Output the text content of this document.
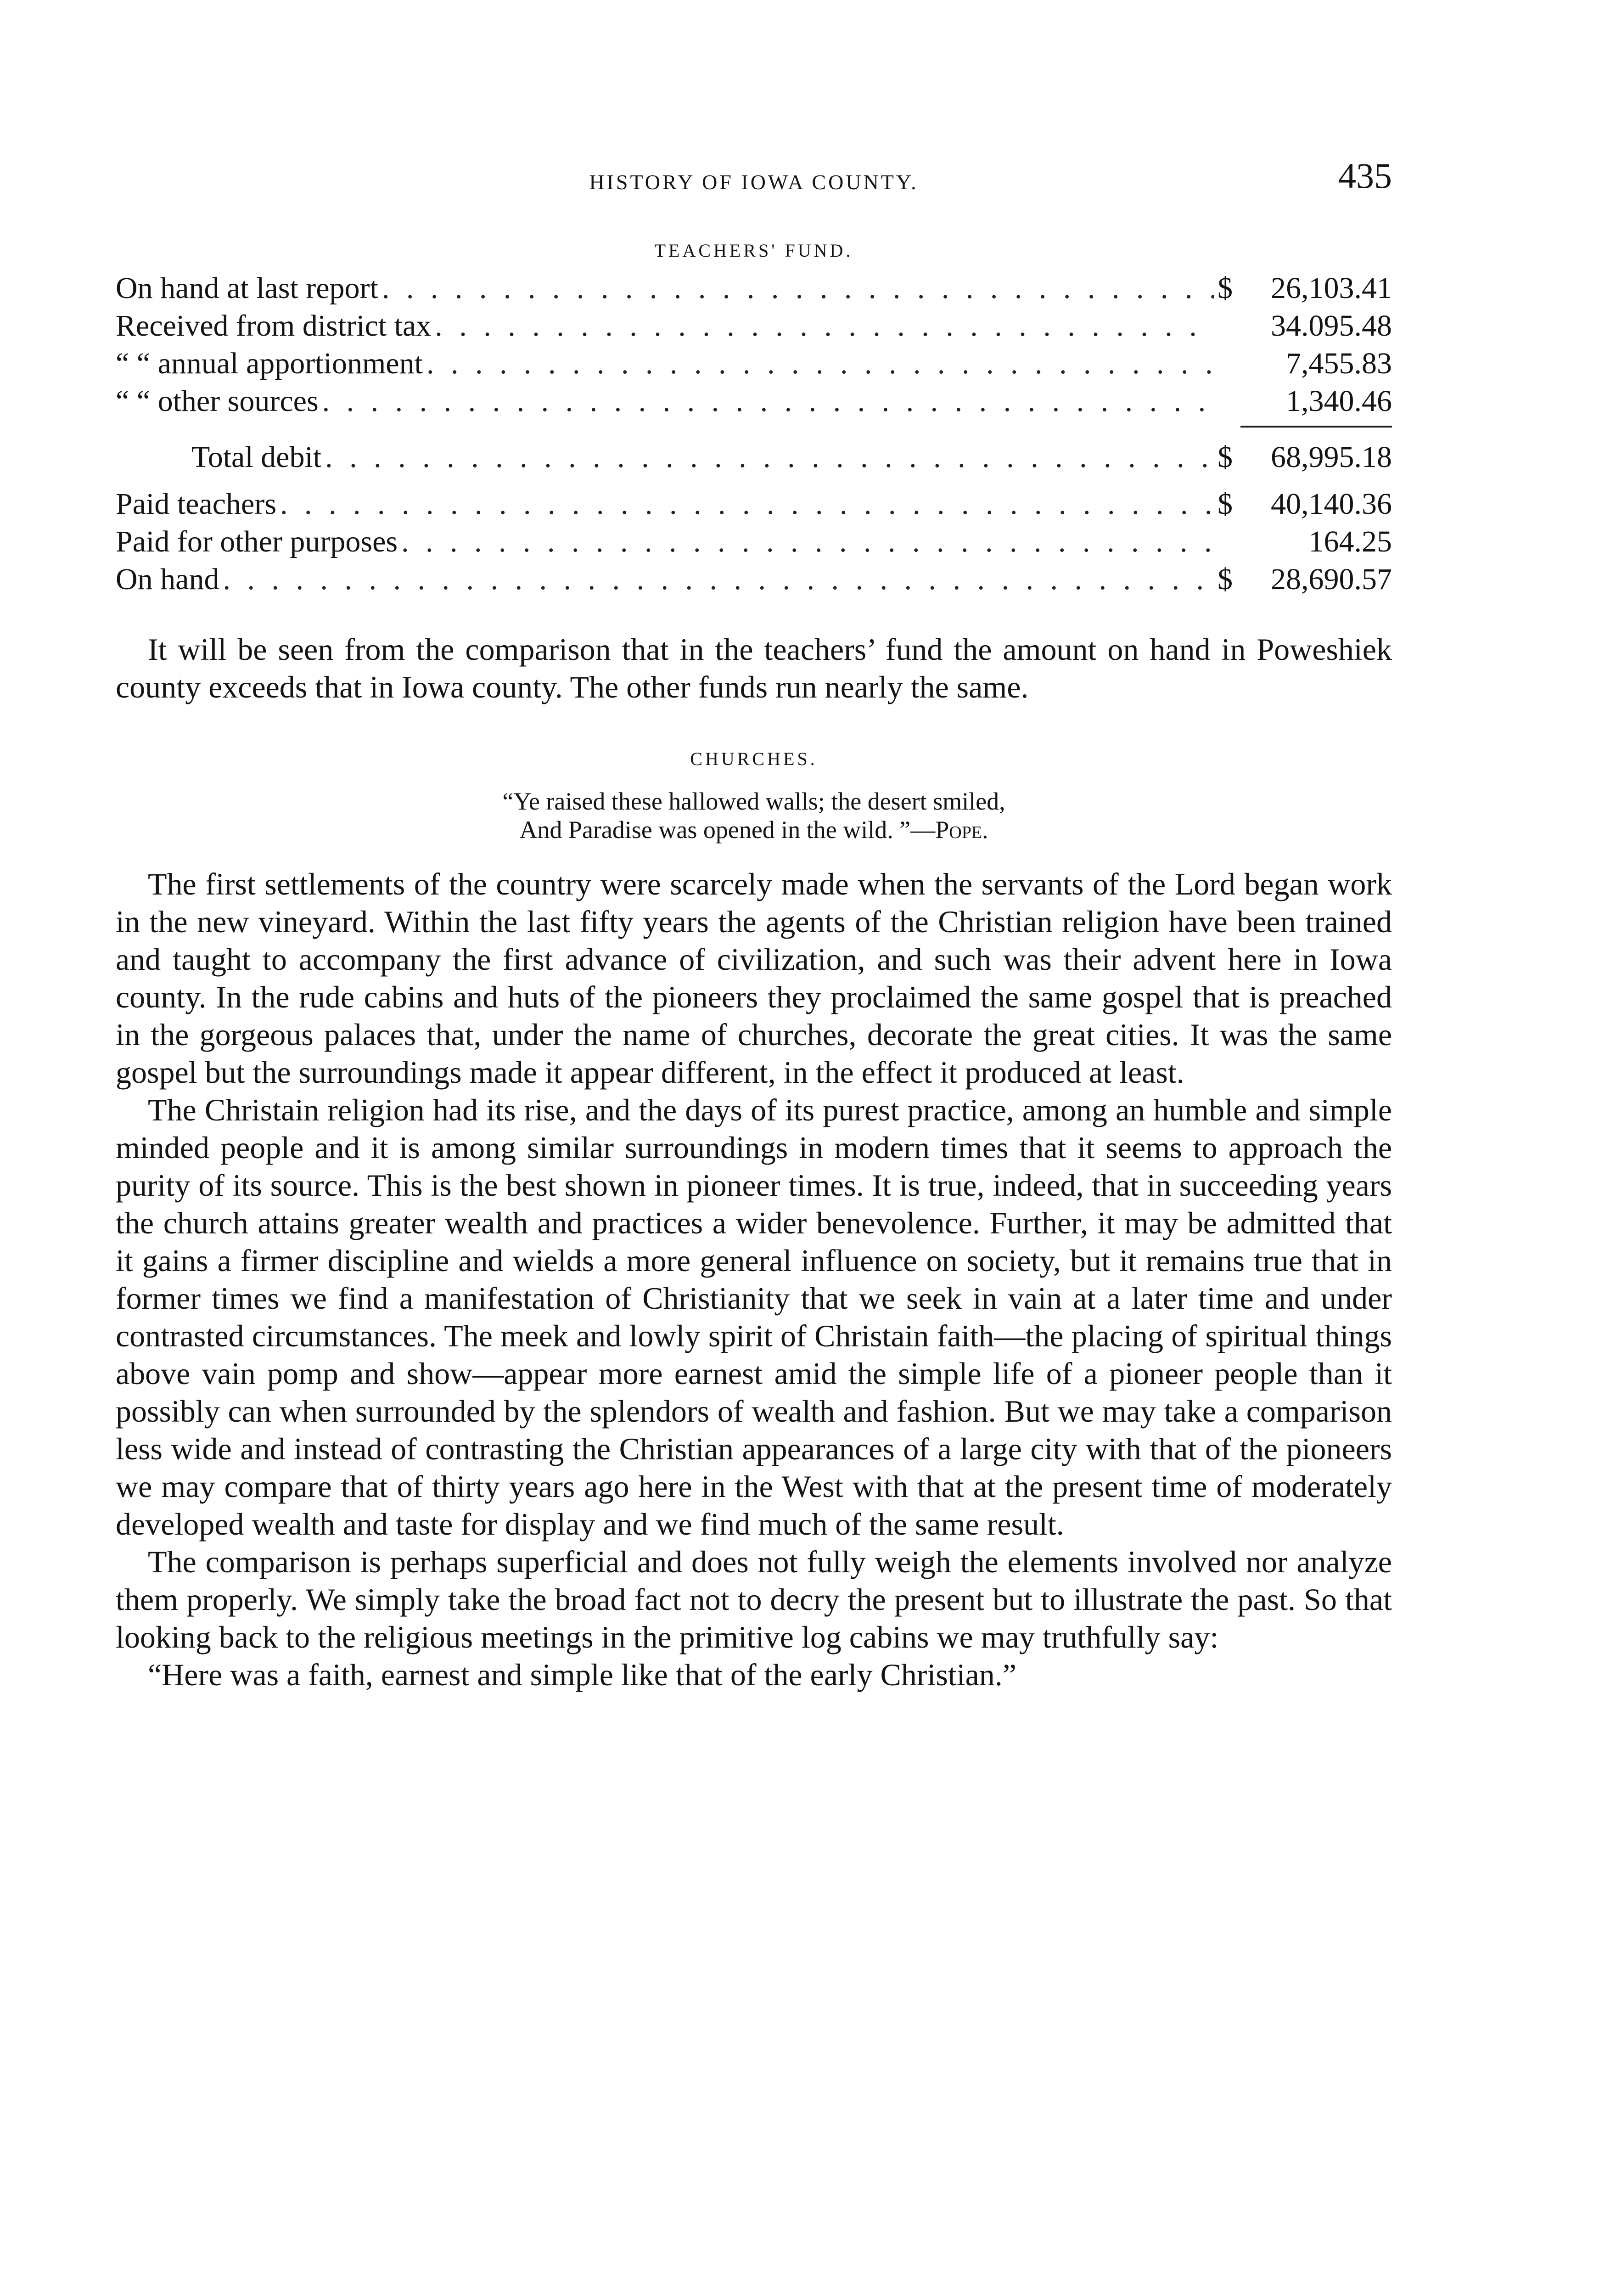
HISTORY OF IOWA COUNTY.	435
TEACHERS' FUND.
On hand at last report . . .	$	26,103.41
Received from district tax . . .	34.095.48
“ “ annual apportionment . . .	7,455.83
“ “ other sources . . .	1,340.46
Total debit . . .	$	68,995.18
Paid teachers . . .	$	40,140.36
Paid for other purposes . . .	164.25
On hand . . .	$	28,690.57

It will be seen from the comparison that in the teachers’ fund the amount on hand in Poweshiek county exceeds that in Iowa county. The other funds run nearly the same.

CHURCHES.
“Ye raised these hallowed walls; the desert smiled,
And Paradise was opened in the wild. ”—Pope.

The first settlements of the country were scarcely made when the servants of the Lord began work in the new vineyard. Within the last fifty years the agents of the Christian religion have been trained and taught to accompany the first advance of civilization, and such was their advent here in Iowa county. In the rude cabins and huts of the pioneers they proclaimed the same gospel that is preached in the gorgeous palaces that, under the name of churches, decorate the great cities. It was the same gospel but the surroundings made it appear different, in the effect it produced at least.

The Christain religion had its rise, and the days of its purest practice, among an humble and simple minded people and it is among similar surroundings in modern times that it seems to approach the purity of its source. This is the best shown in pioneer times. It is true, indeed, that in succeeding years the church attains greater wealth and practices a wider benevolence. Further, it may be admitted that it gains a firmer discipline and wields a more general influence on society, but it remains true that in former times we find a manifestation of Christianity that we seek in vain at a later time and under contrasted circumstances. The meek and lowly spirit of Christain faith—the placing of spiritual things above vain pomp and show—appear more earnest amid the simple life of a pioneer people than it possibly can when surrounded by the splendors of wealth and fashion. But we may take a comparison less wide and instead of contrasting the Christian appearances of a large city with that of the pioneers we may compare that of thirty years ago here in the West with that at the present time of moderately developed wealth and taste for display and we find much of the same result.

The comparison is perhaps superficial and does not fully weigh the elements involved nor analyze them properly. We simply take the broad fact not to decry the present but to illustrate the past. So that looking back to the religious meetings in the primitive log cabins we may truthfully say:

“Here was a faith, earnest and simple like that of the early Christian.”
